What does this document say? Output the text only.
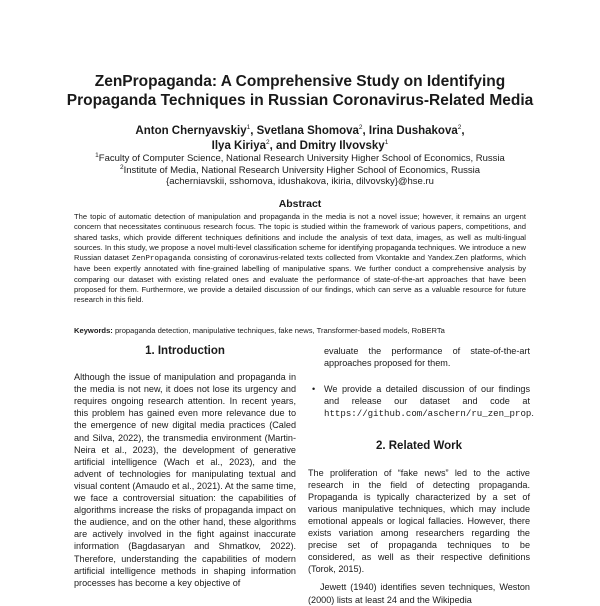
ZenPropaganda: A Comprehensive Study on Identifying
Propaganda Techniques in Russian Coronavirus-Related Media
Anton Chernyavskiy$^1$, Svetlana Shomova$^2$, Irina Dushakova$^2$,
Ilya Kiriya$^2$, and Dmitry Ilvovsky$^1$
$^1$Faculty of Computer Science, National Research University Higher School of Economics, Russia
$^2$Institute of Media, National Research University Higher School of Economics, Russia
{acherniavskii, sshomova, idushakova, ikiria, dilvovsky}@hse.ru
Abstract
The topic of automatic detection of manipulation and propaganda in the media is not a novel issue; however, it remains an urgent concern that necessitates continuous research focus. The topic is studied within the framework of various papers, competitions, and shared tasks, which provide different techniques definitions and include the analysis of text data, images, as well as multi-lingual sources. In this study, we propose a novel multi-level classification scheme for identifying propaganda techniques. We introduce a new Russian dataset ZenPropaganda consisting of coronavirus-related texts collected from Vkontakte and Yandex.Zen platforms, which have been expertly annotated with fine-grained labelling of manipulative spans. We further conduct a comprehensive analysis by comparing our dataset with existing related ones and evaluate the performance of state-of-the-art approaches that have been proposed for them. Furthermore, we provide a detailed discussion of our findings, which can serve as a valuable resource for future research in this field.
Keywords: propaganda detection, manipulative techniques, fake news, Transformer-based models, RoBERTa
1. Introduction

Although the issue of manipulation and propaganda in the media is not new, it does not lose its urgency and requires ongoing research attention. In recent years, this problem has gained even more relevance due to the emergence of new digital media practices (Caled and Silva, 2022), the transmedia environment (Martin-Neira et al., 2023), the development of generative artificial intelligence (Wach et al., 2023), and the advent of technologies for manipulating textual and visual content (Amaudo et al., 2021). At the same time, we face a controversial situation: the capabilities of algorithms increase the risks of propaganda impact on the audience, and on the other hand, these algorithms are actively involved in the fight against inaccurate information (Bagdasaryan and Shmatkov, 2022). Therefore, understanding the capabilities of modern artificial intelligence methods in shaping information processes has become a key objective of

evaluate the performance of state-of-the-art approaches proposed for them.

• We provide a detailed discussion of our findings and release our dataset and code at https://github.com/aschern/ru_zen_prop.

2. Related Work

The proliferation of “fake news” led to the active research in the field of detecting propaganda. Propaganda is typically characterized by a set of various manipulative techniques, which may include emotional appeals or logical fallacies. However, there exists variation among researchers regarding the precise set of propaganda techniques to be considered, as well as their respective definitions (Torok, 2015).

Jewett (1940) identifies seven techniques, Weston (2000) lists at least 24 and the Wikipedia
